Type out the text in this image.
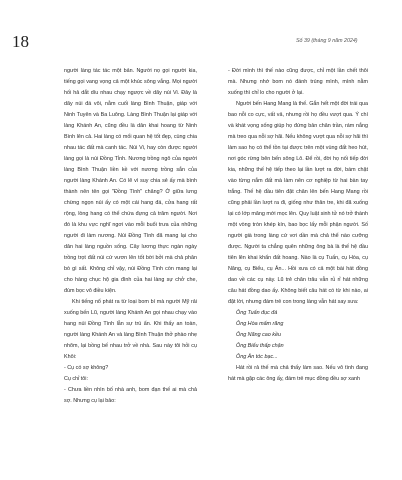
18	Số 39 (tháng 9 năm 2024)

người làng tác tác một bản. Người nọ gọi người kia, tiếng gọi vang vọng cả một khúc sông vắng. Mọi người hối hả dắt díu nhau chạy ngược về dãy núi Vi. Đây là dãy núi đá vôi, nằm cuối làng Bình Thuận, giáp với Ninh Tuyên và Ba Luông. Làng Bình Thuận lại giáp với làng Khánh An, cũng đều là dân khai hoang từ Ninh Bình lên cả. Hai làng có mối quan hệ tốt đẹp, cùng chia nhau tác đất mà canh tác. Núi Vi, hay còn được người làng gọi là núi Đồng Tỉnh. Nương trồng ngô của người làng Bình Thuận liền kề với nương trồng sắn của người làng Khánh An. Có lẽ vì suy chia sẻ ấy mà bình thành nên tên gọi "Đồng Tình" chăng? Ở giữa lưng chừng ngọn núi ấy có một cái hang đá, cửa hang rất rộng, lòng hang có thể chứa đựng cả trăm người. Nơi đó là khu vực nghĩ ngơi vào mỗi buổi trưa của những người đi làm nương. Núi Đồng Tình đã mang lại cho dân hai làng nguồn sống. Cây lương thực ngàn ngày trồng trọt đất núi cứ vươn lên tốt bời bởi mà chả phân bò gì sất. Không chỉ vậy, núi Đồng Tình còn mang lại cho hàng chục hộ gia đình của hai làng sự chở che, đùm bọc vô điều kiện.

Khi tiếng nổ phát ra từ loại bom bí mà người Mỹ rải xuống bến Lũ, người làng Khánh An gọi nhau chạy vào hang núi Đồng Tình lẫn sự trú ẩn. Khi thấy an toàn, người làng Khánh An và làng Bình Thuận thở phào nhẹ nhõm, lại bồng bế nhau trở về nhà. Sau này tôi hỏi cụ Khôi:

- Cụ có sợ không?

Cụ chỉ tôi:

- Chưa liền nhìn bố nhà anh, bom đạn thế ai mà chả sợ. Nhưng cụ lại bảo:

- Đời mình thì thế nào cũng được, chỉ một lần chết thôi mà. Nhưng nhớ bom nó đánh trúng mình, mình nằm xuống thì chỉ lo cho người ở lại.

Người bến Hang Mang là thế. Gắn hết một đời trái qua bao nỗi co cực, vất vả, nhưng rồi họ đều vượt qua. Ý chí và khát vọng sống giúp họ đứng bản chân trần, rám nắng mà treo qua nỗi sợ hãi. Nếu không vượt qua nỗi sợ hãi thì làm sao họ có thể tồn tại được trên một vùng đất heo hút, nơi góc rừng bên bến sông Lô. Để rồi, đời họ nối tiếp đời kia, những thế hệ tiếp theo lại lần lượt ra đời, bám chặt vào từng nắm đất mà làm nên cơ nghiệp từ hai bàn tay trắng. Thế hệ đầu tiên đặt chân lên bến Hang Mang rồi cũng phải lần lượt ra đi, giống như thân tre, khi đã xuống lại có lớp măng mới mọc lên. Quy luật sinh tử nó trở thành một vòng tròn khép kín, bao bọc lấy mỗi phận người. Số người già trong làng cứ vơi dần mà chả thể nào cưỡng được. Người ta chẳng quên những ông bà là thế hệ đầu tiên lên khai khẩn đất hoang. Nào là cụ Tuấn, cụ Hòa, cụ Năng, cụ Biểu, cụ Ân... Hồi xưa có cả một bài hát đồng dao về các cụ này. Lũ trẻ chăn trâu vẫn rủ rỉ hát những câu hát đồng dao ấy. Không biết câu hát có từ khi nào, ai đặt lời, nhưng đám trẻ con trong làng vẫn hát say sưa:

Ông Tuấn đục đá

Ông Hòa mấm răng

Ông Năng cao kều

Ông Biểu thấp chận

Ông Ân tóc bạc...

Hát rồi rả thế mà chả thấy làm sao. Nếu vô tình đang hát mà gặp các ông ấy, đám trẻ mục đồng đều sợ xanh
